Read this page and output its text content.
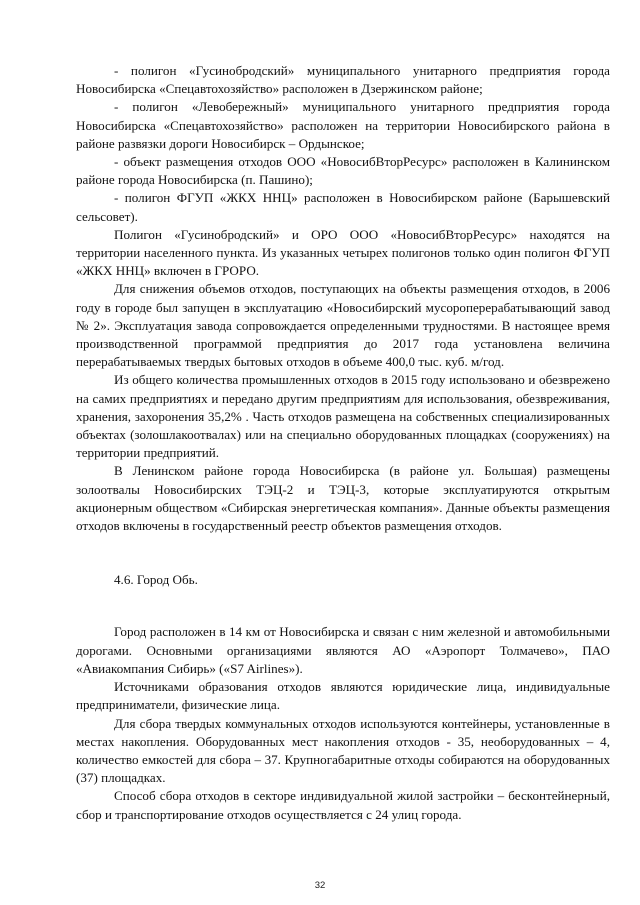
- полигон «Гусинобродский» муниципального унитарного предприятия города Новосибирска «Спецавтохозяйство» расположен в Дзержинском районе;

- полигон «Левобережный» муниципального унитарного предприятия города Новосибирска «Спецавтохозяйство» расположен на территории Новосибирского района в районе развязки дороги Новосибирск – Ордынское;

- объект размещения отходов ООО «НовосибВторРесурс» расположен в Калининском районе города Новосибирска (п. Пашино);

- полигон ФГУП «ЖКХ ННЦ» расположен в Новосибирском районе (Барышевский сельсовет).

Полигон «Гусинобродский» и ОРО ООО «НовосибВторРесурс» находятся на территории населенного пункта. Из указанных четырех полигонов только один полигон ФГУП «ЖКХ ННЦ» включен в ГРОРО.

Для снижения объемов отходов, поступающих на объекты размещения отходов, в 2006 году в городе был запущен в эксплуатацию «Новосибирский мусороперерабатывающий завод № 2». Эксплуатация завода сопровождается определенными трудностями. В настоящее время производственной программой предприятия до 2017 года установлена величина перерабатываемых твердых бытовых отходов в объеме 400,0 тыс. куб. м/год.

Из общего количества промышленных отходов в 2015 году использовано и обезврежено на самих предприятиях и передано другим предприятиям для использования, обезвреживания, хранения, захоронения 35,2% . Часть отходов размещена на собственных специализированных объектах (золошлакоотвалах) или на специально оборудованных площадках (сооружениях) на территории предприятий.

В Ленинском районе города Новосибирска (в районе ул. Большая) размещены золоотвалы Новосибирских ТЭЦ-2 и ТЭЦ-3, которые эксплуатируются открытым акционерным обществом «Сибирская энергетическая компания». Данные объекты размещения отходов включены в государственный реестр объектов размещения отходов.

4.6. Город Обь.

Город расположен в 14 км от Новосибирска и связан с ним железной и автомобильными дорогами. Основными организациями являются АО «Аэропорт Толмачево», ПАО «Авиакомпания Сибирь» («S7 Airlines»).

Источниками образования отходов являются юридические лица, индивидуальные предприниматели, физические лица.

Для сбора твердых коммунальных отходов используются контейнеры, установленные в местах накопления. Оборудованных мест накопления отходов - 35, необорудованных – 4, количество емкостей для сбора – 37. Крупногабаритные отходы собираются на оборудованных (37) площадках.

Способ сбора отходов в секторе индивидуальной жилой застройки – бесконтейнерный, сбор и транспортирование отходов осуществляется с 24 улиц города.

32
